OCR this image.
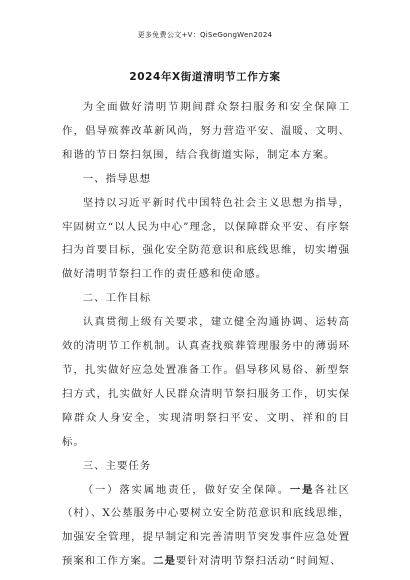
更多免费公文+V：QiSeGongWen2024
2024年X街道清明节工作方案

为全面做好清明节期间群众祭扫服务和安全保障工作，倡导殡葬改革新风尚，努力营造平安、温暖、文明、和谐的节日祭扫氛围，结合我街道实际，制定本方案。

一、指导思想

坚持以习近平新时代中国特色社会主义思想为指导，牢固树立“以人民为中心”理念，以保障群众平安、有序祭扫为首要目标，强化安全防范意识和底线思维，切实增强做好清明节祭扫工作的责任感和使命感。

二、工作目标

认真贯彻上级有关要求，建立健全沟通协调、运转高效的清明节工作机制。认真查找殡葬管理服务中的薄弱环节，扎实做好应急处置准备工作。倡导移风易俗、新型祭扫方式，扎实做好人民群众清明节祭扫服务工作，切实保障群众人身安全，实现清明祭扫平安、文明、祥和的目标。

三、主要任务

（一）落实属地责任，做好安全保障。一是各社区（村）、X公墓服务中心要树立安全防范意识和底线思维，加强安全管理，提早制定和完善清明节突发事件应急处置预案和工作方案。二是要针对清明节祭扫活动“时间短、
